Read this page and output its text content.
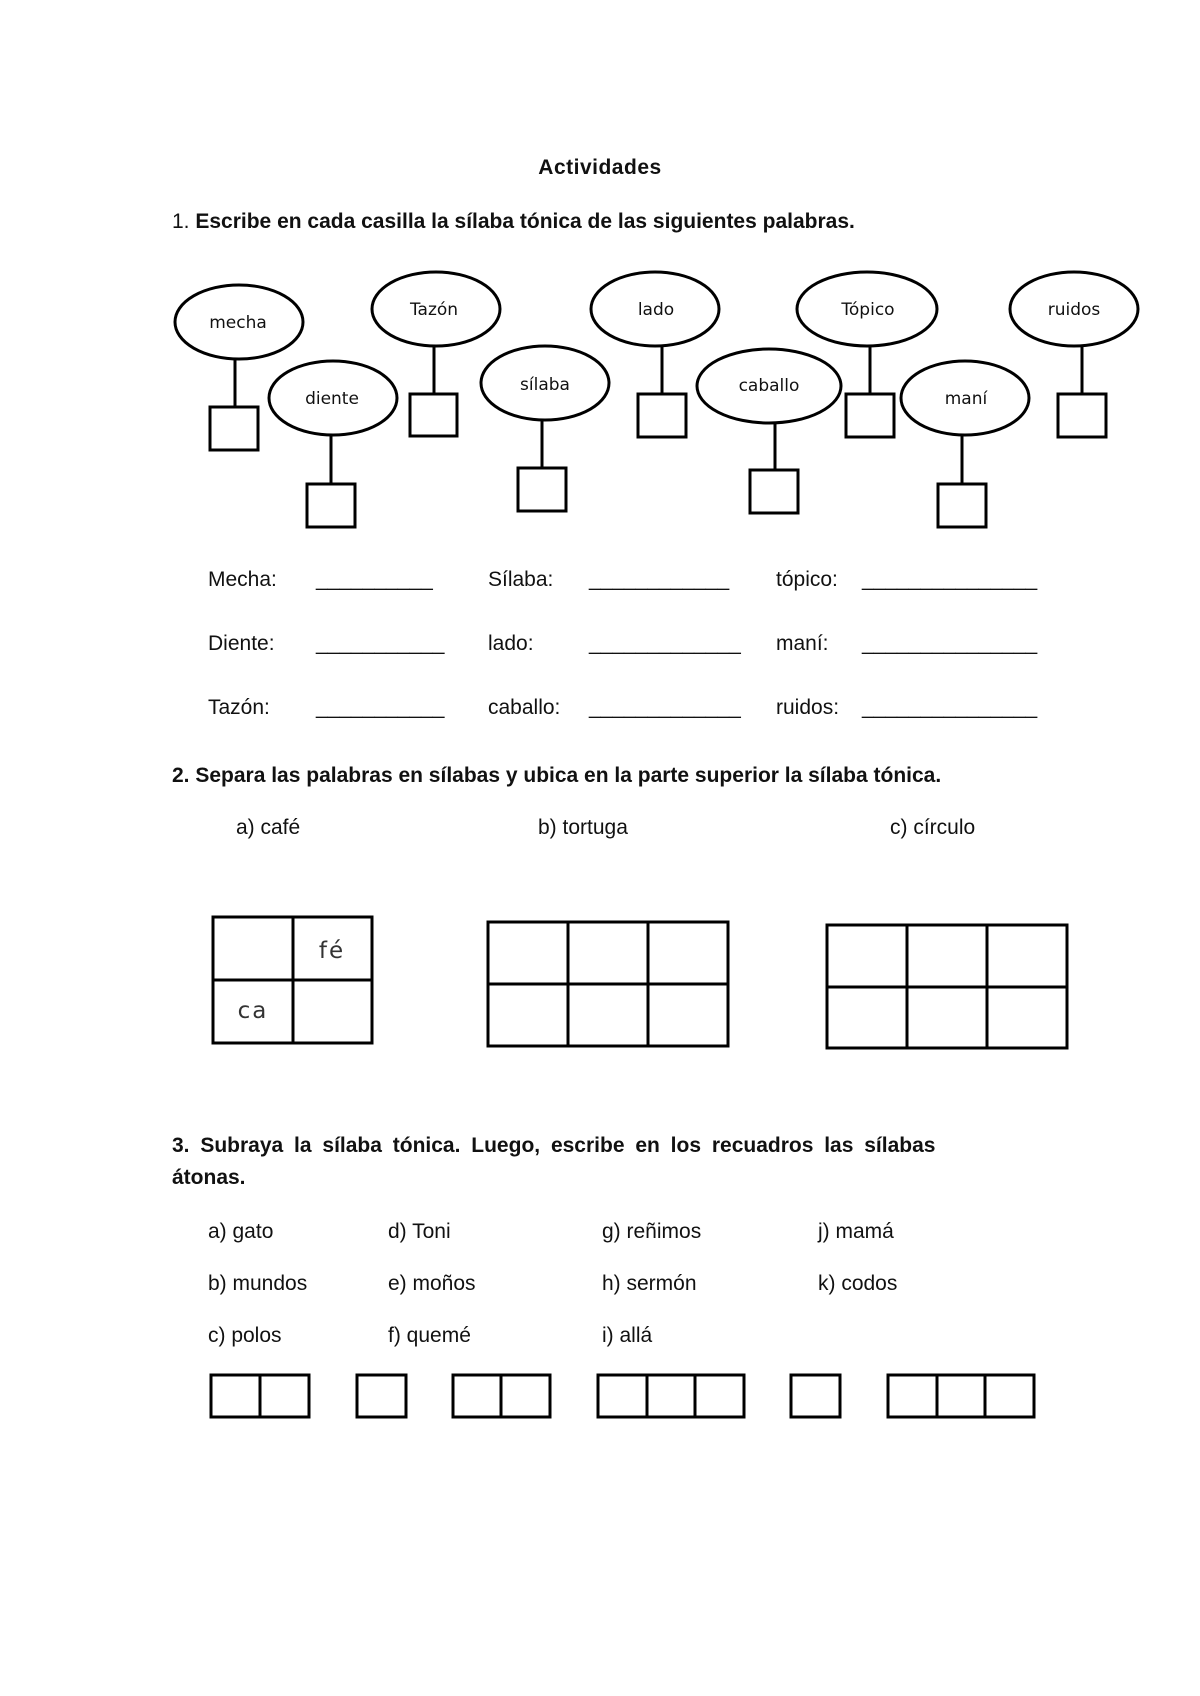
Actividades
1. Escribe en cada casilla la sílaba tónica de las siguientes palabras.
mecha
diente
Tazón
sílaba
lado
caballo
Tópico
maní
ruidos
Mecha: __________	Sílaba: ____________ tópico: _______________
Diente: ___________ lado:	_____________ maní: _______________
Tazón: ___________ caballo: _____________ ruidos: _______________
2. Separa las palabras en sílabas y ubica en la parte superior la sílaba tónica.
a) café	b) tortuga	c) círculo
fé
ca
3. Subraya la sílaba tónica. Luego, escribe en los recuadros las sílabas
átonas.
a) gato	d) Toni	g) reñimos	j) mamá
b) mundos	e) moños	h) sermón	k) codos
c) polos	f) quemé	i) allá
